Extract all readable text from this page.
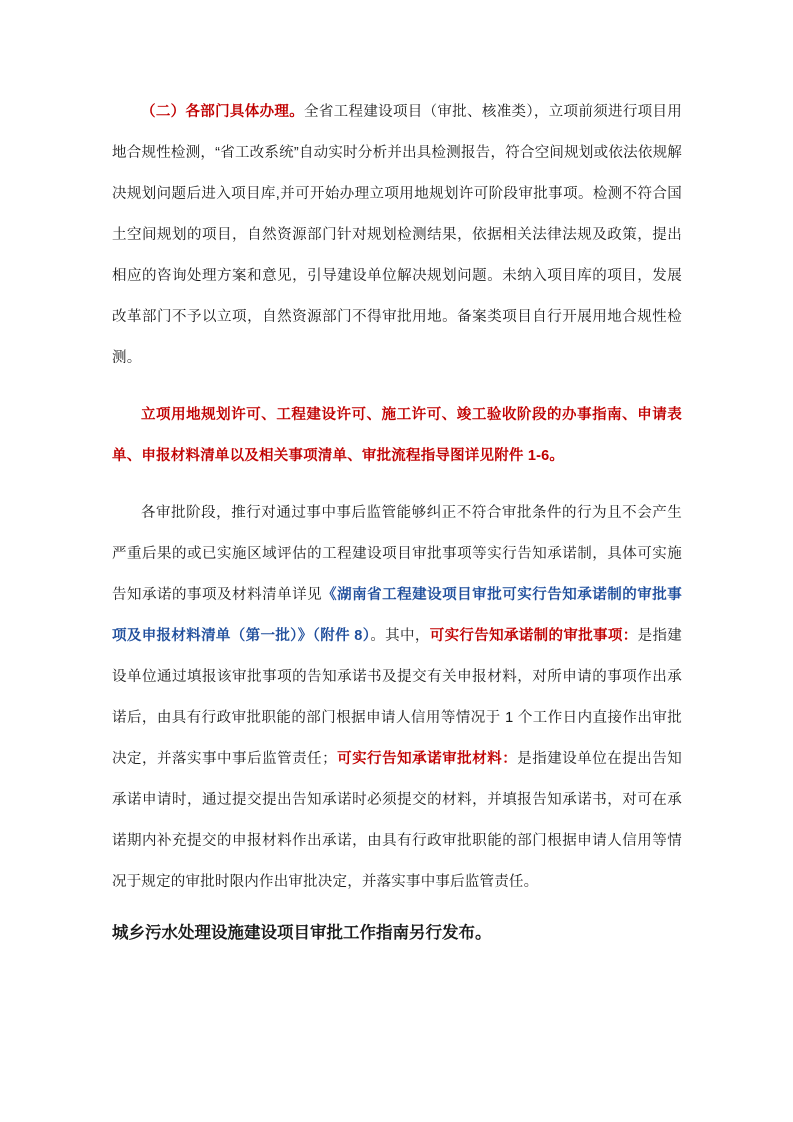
（二）各部门具体办理。全省工程建设项目（审批、核准类），立项前须进行项目用地合规性检测，“省工改系统”自动实时分析并出具检测报告，符合空间规划或依法依规解决规划问题后进入项目库,并可开始办理立项用地规划许可阶段审批事项。检测不符合国土空间规划的项目，自然资源部门针对规划检测结果，依据相关法律法规及政策，提出相应的咨询处理方案和意见，引导建设单位解决规划问题。未纳入项目库的项目，发展改革部门不予以立项，自然资源部门不得审批用地。备案类项目自行开展用地合规性检测。

立项用地规划许可、工程建设许可、施工许可、竣工验收阶段的办事指南、申请表单、申报材料清单以及相关事项清单、审批流程指导图详见附件 1-6。

各审批阶段，推行对通过事中事后监管能够纠正不符合审批条件的行为且不会产生严重后果的或已实施区域评估的工程建设项目审批事项等实行告知承诺制，具体可实施告知承诺的事项及材料清单详见《湖南省工程建设项目审批可实行告知承诺制的审批事项及申报材料清单（第一批）》（附件 8）。其中，可实行告知承诺制的审批事项：是指建设单位通过填报该审批事项的告知承诺书及提交有关申报材料，对所申请的事项作出承诺后，由具有行政审批职能的部门根据申请人信用等情况于 1 个工作日内直接作出审批决定，并落实事中事后监管责任；可实行告知承诺审批材料：是指建设单位在提出告知承诺申请时，通过提交提出告知承诺时必须提交的材料，并填报告知承诺书，对可在承诺期内补充提交的申报材料作出承诺，由具有行政审批职能的部门根据申请人信用等情况于规定的审批时限内作出审批决定，并落实事中事后监管责任。

城乡污水处理设施建设项目审批工作指南另行发布。
